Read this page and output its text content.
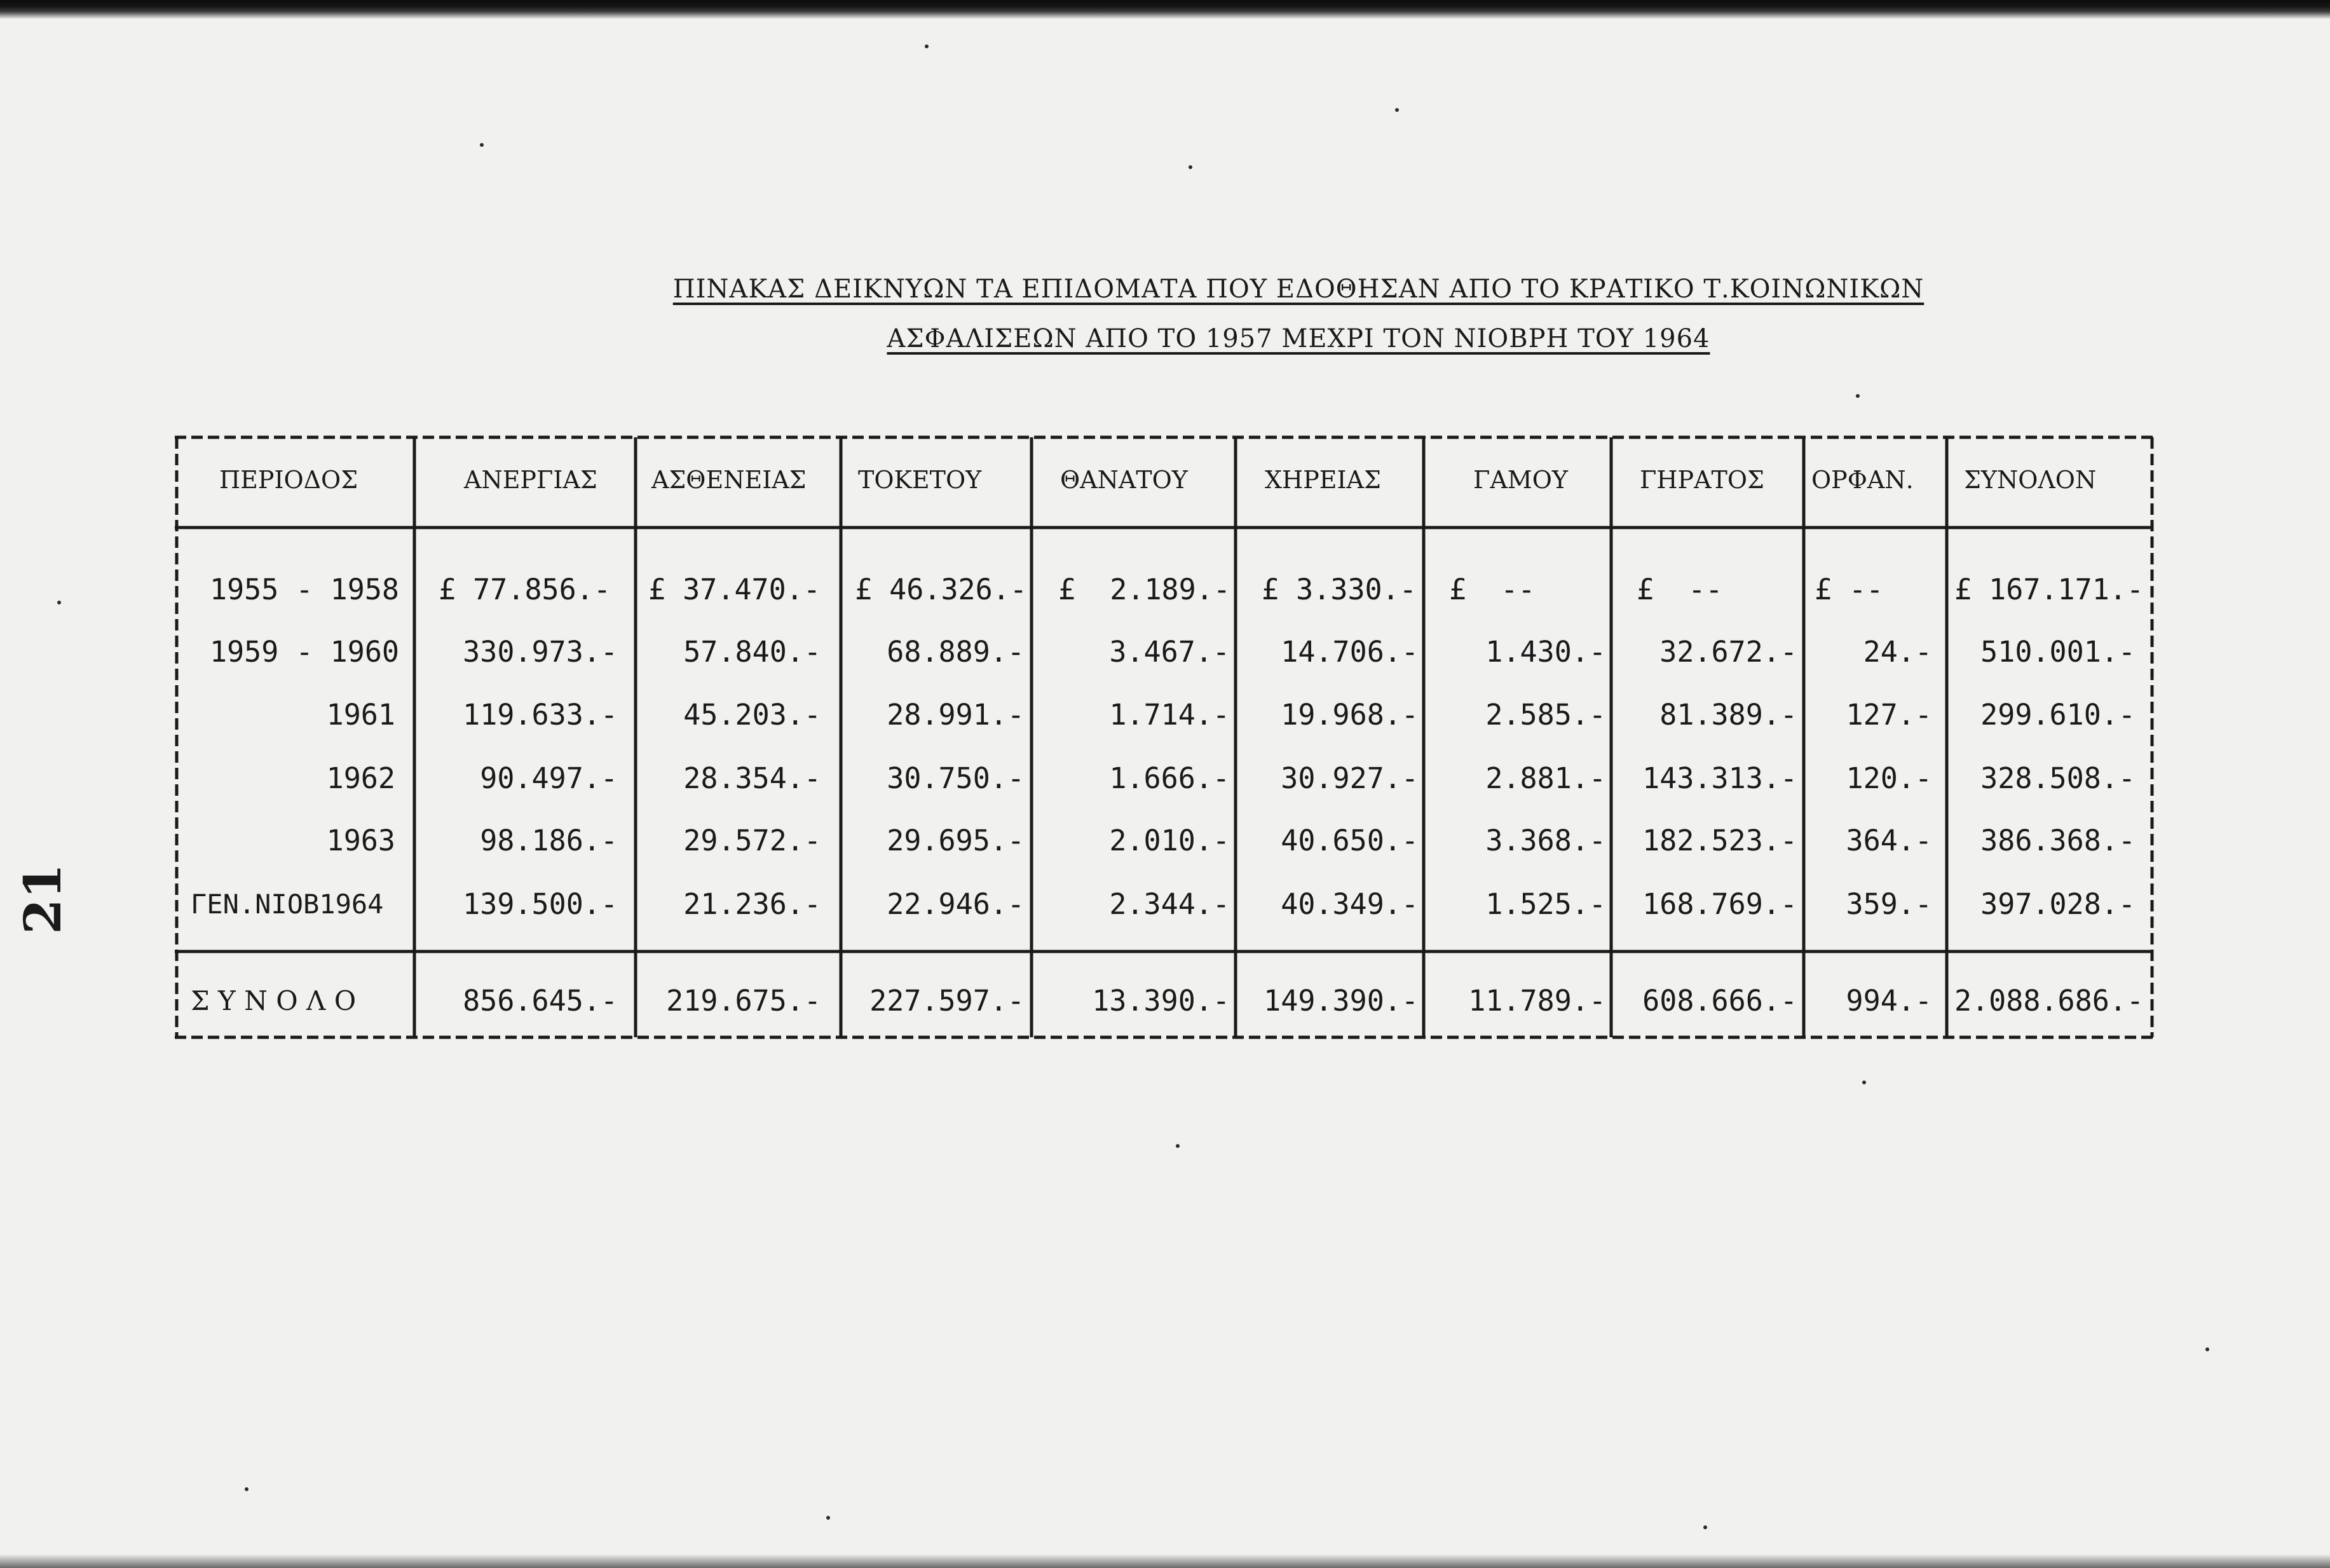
ΠΙΝΑΚΑΣ ΔΕΙΚΝΥΩΝ ΤΑ ΕΠΙΔΟΜΑΤΑ ΠΟΥ ΕΔΟΘΗΣΑΝ ΑΠΟ ΤΟ ΚΡΑΤΙΚΟ Τ.ΚΟΙΝΩΝΙΚΩΝ
ΑΣΦΑΛΙΣΕΩΝ ΑΠΟ ΤΟ 1957 ΜΕΧΡΙ ΤΟΝ ΝΙΟΒΡΗ ΤΟΥ 1964
ΠΕΡΙΟΔΟΣ	ΑΝΕΡΓΙΑΣ ΑΣΘΕΝΕΙΑΣ ΤΟΚΕΤΟΥ	ΘΑΝΑΤΟΥ	ΧΗΡΕΙΑΣ	ΓΑΜΟΥ	ΓΗΡΑΤΟΣ ΟΡΦΑΝ. ΣΥΝΟΛΟΝ
1955 - 1958 £ 77.856.- £ 37.470.- £ 46.326.- £  2.189.- £ 3.330.- £  --	£  --	£ --	£ 167.171.-
1959 - 1960	330.973.-	57.840.-	68.889.-	3.467.-	14.706.-	1.430.-	32.672.-	24.-	510.001.-
1961	119.633.-	45.203.-	28.991.-	1.714.-	19.968.-	2.585.-	81.389.-	127.-	299.610.-
1962	90.497.-	28.354.-	30.750.-	1.666.-	30.927.-	2.881.- 143.313.-	120.-	328.508.-
1963	98.186.-	29.572.-	29.695.-	2.010.-	40.650.-	3.368.- 182.523.-	364.-	386.368.-
ΓΕΝ.ΝΙΟΒ1964	139.500.-	21.236.-	22.946.-	2.344.-	40.349.-	1.525.- 168.769.-	359.-	397.028.-
Σ Υ Ν Ο Λ Ο	856.645.-	219.675.-	227.597.-	13.390.- 149.390.-	11.789.- 608.666.-	994.- 2.088.686.-
21
